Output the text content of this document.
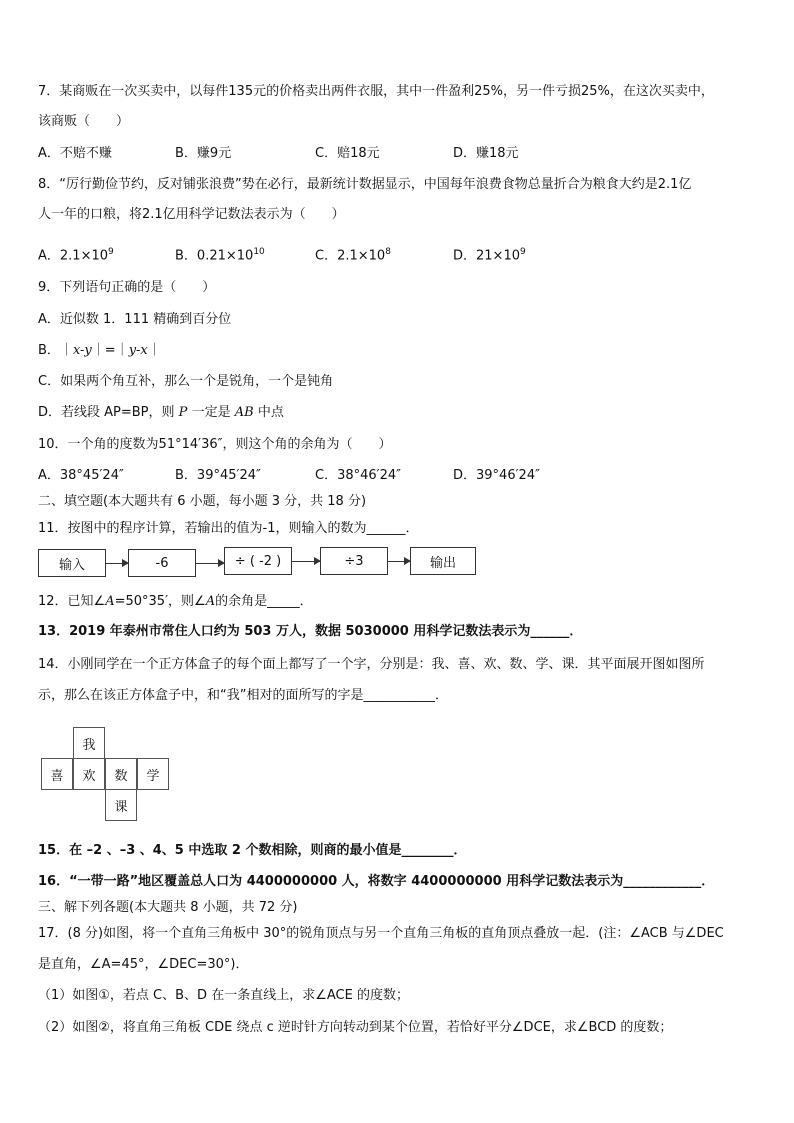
7．某商贩在一次买卖中，以每件135元的价格卖出两件衣服，其中一件盈利25%，另一件亏损25%，在这次买卖中，
该商贩（　　）
A．不赔不赚	B．赚9元	C．赔18元	D．赚18元
8．“厉行勤俭节约，反对铺张浪费”势在必行，最新统计数据显示，中国每年浪费食物总量折合为粮食大约是2.1亿
人一年的口粮，将2.1亿用科学记数法表示为（　　）
A．$2.1\times 10^9$	B．$0.21\times 10^{10}$	C．$2.1\times 10^8$	D．$21\times 10^9$
9．下列语句正确的是（　　）
A．近似数 1．111 精确到百分位
B．｜x-y｜=｜y-x｜
C．如果两个角互补，那么一个是锐角，一个是钝角
D．若线段 AP=BP，则 P 一定是 AB 中点
10．一个角的度数为51°14′36″，则这个角的余角为（　　）
A．38°45′24″	B．39°45′24″	C．38°46′24″	D．39°46′24″
二、填空题(本大题共有 6 小题，每小题 3 分，共 18 分)
11．按图中的程序计算，若输出的值为-1，则输入的数为______．
输入	-6	÷ ( -2 )	÷3	输出
12．已知∠A=50°35′，则∠A的余角是_____．
13．2019 年泰州市常住人口约为 503 万人，数据 5030000 用科学记数法表示为______．
14．小刚同学在一个正方体盒子的每个面上都写了一个字，分别是：我、喜、欢、数、学、课．其平面展开图如图所
示，那么在该正方体盒子中，和“我”相对的面所写的字是___________．
我
喜	欢	数	学
课
15．在 –2 、–3 、4、5 中选取 2 个数相除，则商的最小值是________．
16．“一带一路”地区覆盖总人口为 4400000000 人，将数字 4400000000 用科学记数法表示为____________．
三、解下列各题(本大题共 8 小题，共 72 分)
17．(8 分)如图，将一个直角三角板中 30°的锐角顶点与另一个直角三角板的直角顶点叠放一起．(注：∠ACB 与∠DEC
是直角，∠A=45°，∠DEC=30°)．
（1）如图①，若点 C、B、D 在一条直线上，求∠ACE 的度数；
（2）如图②，将直角三角板 CDE 绕点 c 逆时针方向转动到某个位置，若恰好平分∠DCE，求∠BCD 的度数；
